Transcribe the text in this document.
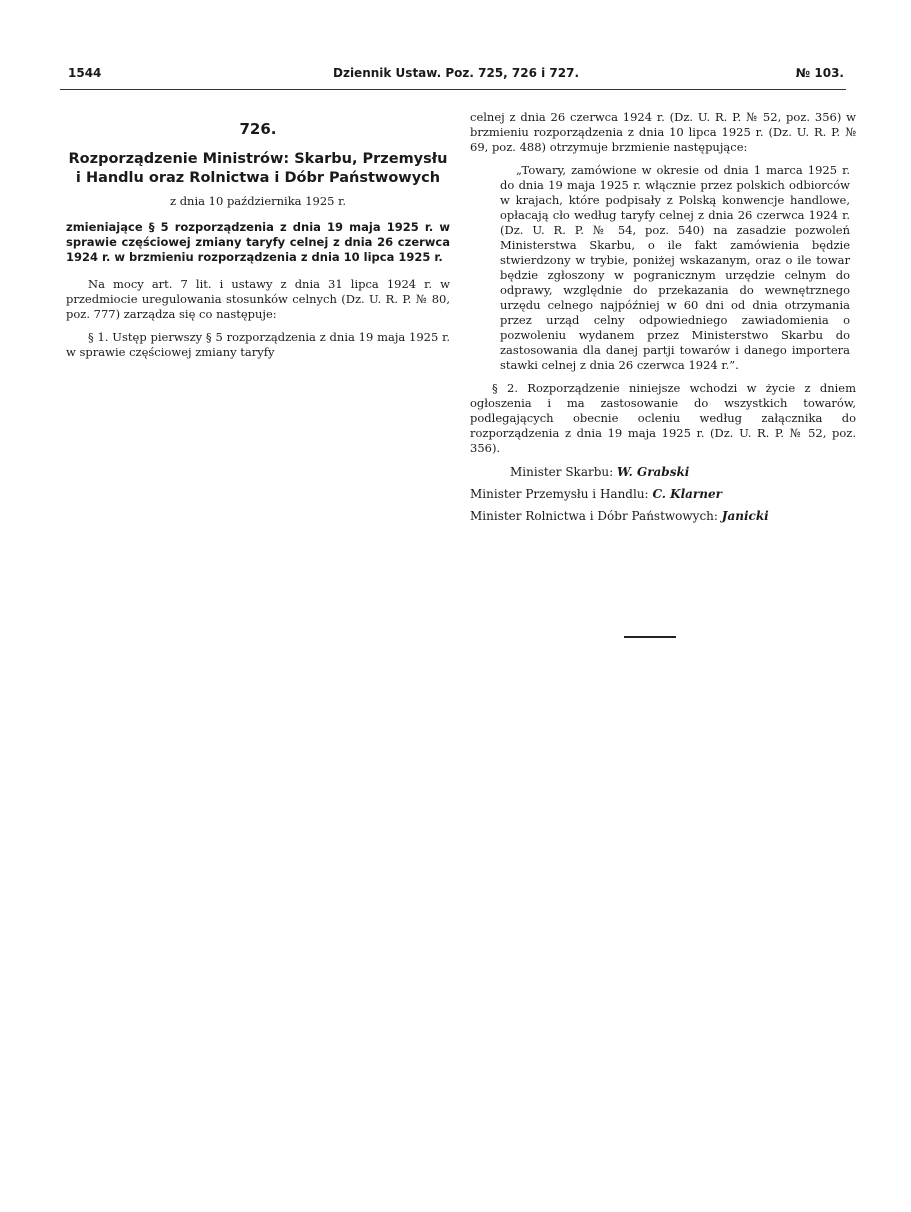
1544	Dziennik Ustaw. Poz. 725, 726 i 727.	№ 103.
726.
Rozporządzenie Ministrów: Skarbu, Przemysłu i Handlu oraz Rolnictwa i Dóbr Państwowych
z dnia 10 października 1925 r.
zmieniające § 5 rozporządzenia z dnia 19 maja 1925 r. w sprawie częściowej zmiany taryfy celnej z dnia 26 czerwca 1924 r. w brzmieniu rozporządzenia z dnia 10 lipca 1925 r.

Na mocy art. 7 lit. i ustawy z dnia 31 lipca 1924 r. w przedmiocie uregulowania stosunków celnych (Dz. U. R. P. № 80, poz. 777) zarządza się co następuje:

§ 1. Ustęp pierwszy § 5 rozporządzenia z dnia 19 maja 1925 r. w sprawie częściowej zmiany taryfy

celnej z dnia 26 czerwca 1924 r. (Dz. U. R. P. № 52, poz. 356) w brzmieniu rozporządzenia z dnia 10 lipca 1925 r. (Dz. U. R. P. № 69, poz. 488) otrzymuje brzmienie następujące:

„Towary, zamówione w okresie od dnia 1 marca 1925 r. do dnia 19 maja 1925 r. włącznie przez polskich odbiorców w krajach, które podpisały z Polską konwencje handlowe, opłacają cło według taryfy celnej z dnia 26 czerwca 1924 r. (Dz. U. R. P. № 54, poz. 540) na zasadzie pozwoleń Ministerstwa Skarbu, o ile fakt zamówienia będzie stwierdzony w trybie, poniżej wskazanym, oraz o ile towar będzie zgłoszony w pogranicznym urzędzie celnym do odprawy, względnie do przekazania do wewnętrznego urzędu celnego najpóźniej w 60 dni od dnia otrzymania przez urząd celny odpowiedniego zawiadomienia o pozwoleniu wydanem przez Ministerstwo Skarbu do zastosowania dla danej partji towarów i danego importera stawki celnej z dnia 26 czerwca 1924 r.”.

§ 2. Rozporządzenie niniejsze wchodzi w życie z dniem ogłoszenia i ma zastosowanie do wszystkich towarów, podlegających obecnie ocleniu według załącznika do rozporządzenia z dnia 19 maja 1925 r. (Dz. U. R. P. № 52, poz. 356).

Minister Skarbu: W. Grabski
Minister Przemysłu i Handlu: C. Klarner
Minister Rolnictwa i Dóbr Państwowych: Janicki
